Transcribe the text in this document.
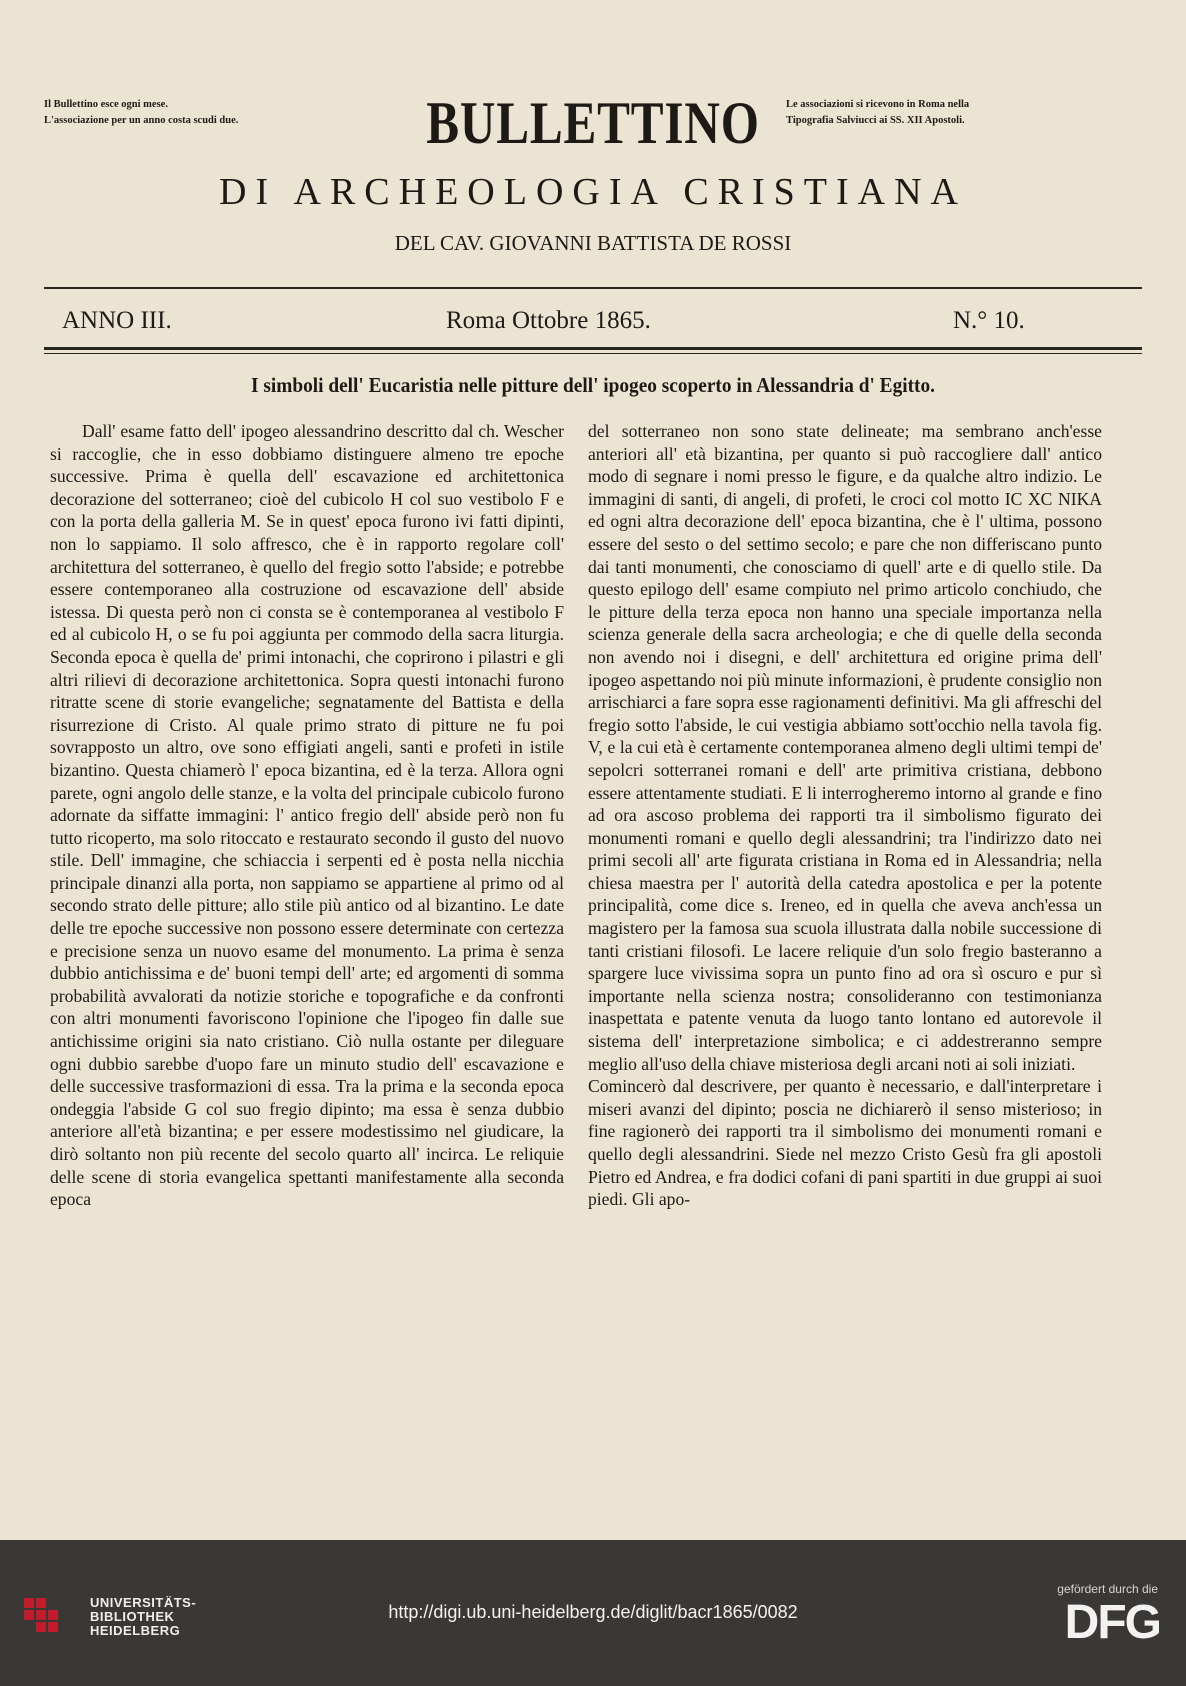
Il Bullettino esce ogni mese.
L'associazione per un anno costa scudi due.
Le associazioni si ricevono in Roma nella
Tipografia Salviucci ai SS. XII Apostoli.
BULLETTINO
DI ARCHEOLOGIA CRISTIANA
DEL CAV. GIOVANNI BATTISTA DE ROSSI
ANNO III.	Roma Ottobre 1865.	N.° 10.
I simboli dell' Eucaristia nelle pitture dell' ipogeo scoperto in Alessandria d' Egitto.

Dall' esame fatto dell' ipogeo alessandrino descritto dal ch. Wescher si raccoglie, che in esso dobbiamo distinguere almeno tre epoche successive. Prima è quella dell' escavazione ed architettonica decorazione del sotterraneo; cioè del cubicolo H col suo vestibolo F e con la porta della galleria M. Se in quest' epoca furono ivi fatti dipinti, non lo sappiamo. Il solo affresco, che è in rapporto regolare coll' architettura del sotterraneo, è quello del fregio sotto l'abside; e potrebbe essere contemporaneo alla costruzione od escavazione dell' abside istessa. Di questa però non ci consta se è contemporanea al vestibolo F ed al cubicolo H, o se fu poi aggiunta per commodo della sacra liturgia. Seconda epoca è quella de' primi intonachi, che coprirono i pilastri e gli altri rilievi di decorazione architettonica. Sopra questi intonachi furono ritratte scene di storie evangeliche; segnatamente del Battista e della risurrezione di Cristo. Al quale primo strato di pitture ne fu poi sovrapposto un altro, ove sono effigiati angeli, santi e profeti in istile bizantino. Questa chiamerò l' epoca bizantina, ed è la terza. Allora ogni parete, ogni angolo delle stanze, e la volta del principale cubicolo furono adornate da siffatte immagini: l' antico fregio dell' abside però non fu tutto ricoperto, ma solo ritoccato e restaurato secondo il gusto del nuovo stile. Dell' immagine, che schiaccia i serpenti ed è posta nella nicchia principale dinanzi alla porta, non sappiamo se appartiene al primo od al secondo strato delle pitture; allo stile più antico od al bizantino. Le date delle tre epoche successive non possono essere determinate con certezza e precisione senza un nuovo esame del monumento. La prima è senza dubbio antichissima e de' buoni tempi dell' arte; ed argomenti di somma probabilità avvalorati da notizie storiche e topografiche e da confronti con altri monumenti favoriscono l'opinione che l'ipogeo fin dalle sue antichissime origini sia nato cristiano. Ciò nulla ostante per dileguare ogni dubbio sarebbe d'uopo fare un minuto studio dell' escavazione e delle successive trasformazioni di essa. Tra la prima e la seconda epoca ondeggia l'abside G col suo fregio dipinto; ma essa è senza dubbio anteriore all'età bizantina; e per essere modestissimo nel giudicare, la dirò soltanto non più recente del secolo quarto all' incirca. Le reliquie delle scene di storia evangelica spettanti manifestamente alla seconda epoca

del sotterraneo non sono state delineate; ma sembrano anch'esse anteriori all' età bizantina, per quanto si può raccogliere dall' antico modo di segnare i nomi presso le figure, e da qualche altro indizio. Le immagini di santi, di angeli, di profeti, le croci col motto IC XC NIKA ed ogni altra decorazione dell' epoca bizantina, che è l' ultima, possono essere del sesto o del settimo secolo; e pare che non differiscano punto dai tanti monumenti, che conosciamo di quell' arte e di quello stile. Da questo epilogo dell' esame compiuto nel primo articolo conchiudo, che le pitture della terza epoca non hanno una speciale importanza nella scienza generale della sacra archeologia; e che di quelle della seconda non avendo noi i disegni, e dell' architettura ed origine prima dell' ipogeo aspettando noi più minute informazioni, è prudente consiglio non arrischiarci a fare sopra esse ragionamenti definitivi. Ma gli affreschi del fregio sotto l'abside, le cui vestigia abbiamo sott'occhio nella tavola fig. V, e la cui età è certamente contemporanea almeno degli ultimi tempi de' sepolcri sotterranei romani e dell' arte primitiva cristiana, debbono essere attentamente studiati. E li interrogheremo intorno al grande e fino ad ora ascoso problema dei rapporti tra il simbolismo figurato dei monumenti romani e quello degli alessandrini; tra l'indirizzo dato nei primi secoli all' arte figurata cristiana in Roma ed in Alessandria; nella chiesa maestra per l' autorità della catedra apostolica e per la potente principalità, come dice s. Ireneo, ed in quella che aveva anch'essa un magistero per la famosa sua scuola illustrata dalla nobile successione di tanti cristiani filosofi. Le lacere reliquie d'un solo fregio basteranno a spargere luce vivissima sopra un punto fino ad ora sì oscuro e pur sì importante nella scienza nostra; consolideranno con testimonianza inaspettata e patente venuta da luogo tanto lontano ed autorevole il sistema dell' interpretazione simbolica; e ci addestreranno sempre meglio all'uso della chiave misteriosa degli arcani noti ai soli iniziati.

Comincerò dal descrivere, per quanto è necessario, e dall'interpretare i miseri avanzi del dipinto; poscia ne dichiarerò il senso misterioso; in fine ragionerò dei rapporti tra il simbolismo dei monumenti romani e quello degli alessandrini. Siede nel mezzo Cristo Gesù fra gli apostoli Pietro ed Andrea, e fra dodici cofani di pani spartiti in due gruppi ai suoi piedi. Gli apo-

UNIVERSITÄTS-
BIBLIOTHEK
HEIDELBERG
http://digi.ub.uni-heidelberg.de/diglit/bacr1865/0082
gefördert durch die
DFG
